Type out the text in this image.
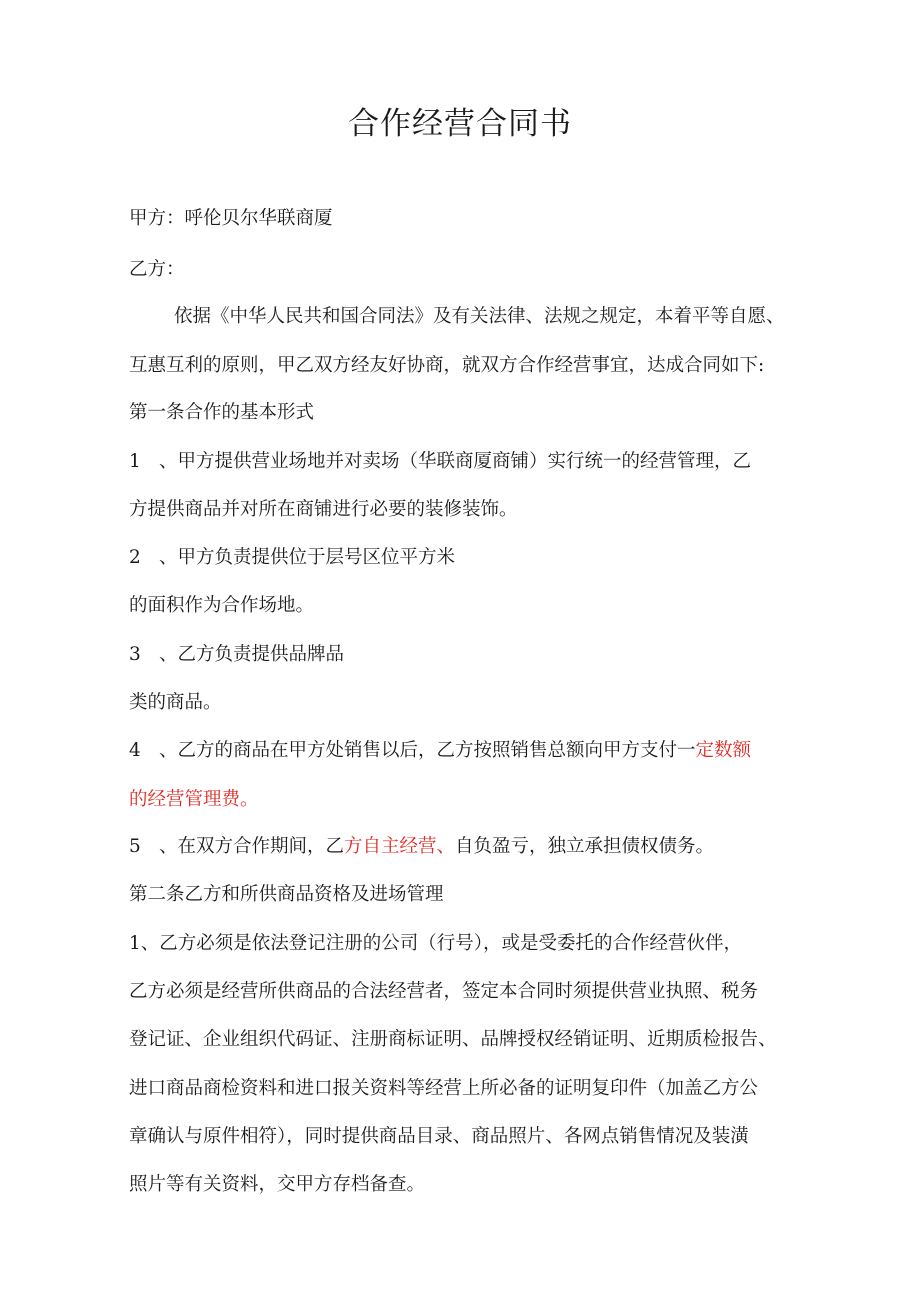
合作经营合同书
甲方：呼伦贝尔华联商厦
乙方：
依据《中华人民共和国合同法》及有关法律、法规之规定，本着平等自愿、
互惠互利的原则，甲乙双方经友好协商，就双方合作经营事宜，达成合同如下:
第一条合作的基本形式
1 、甲方提供营业场地并对卖场（华联商厦商铺）实行统一的经营管理，乙
方提供商品并对所在商铺进行必要的装修装饰。
2 、甲方负责提供位于层号区位平方米
的面积作为合作场地。
3 、乙方负责提供品牌品
类的商品。
4 、乙方的商品在甲方处销售以后，乙方按照销售总额向甲方支付一定数额
的经营管理费。
5 、在双方合作期间，乙方自主经营、自负盈亏，独立承担债权债务。
第二条乙方和所供商品资格及进场管理
1、乙方必须是依法登记注册的公司（行号），或是受委托的合作经营伙伴，
乙方必须是经营所供商品的合法经营者，签定本合同时须提供营业执照、税务
登记证、企业组织代码证、注册商标证明、品牌授权经销证明、近期质检报告、
进口商品商检资料和进口报关资料等经营上所必备的证明复印件（加盖乙方公
章确认与原件相符），同时提供商品目录、商品照片、各网点销售情况及装潢
照片等有关资料，交甲方存档备查。
